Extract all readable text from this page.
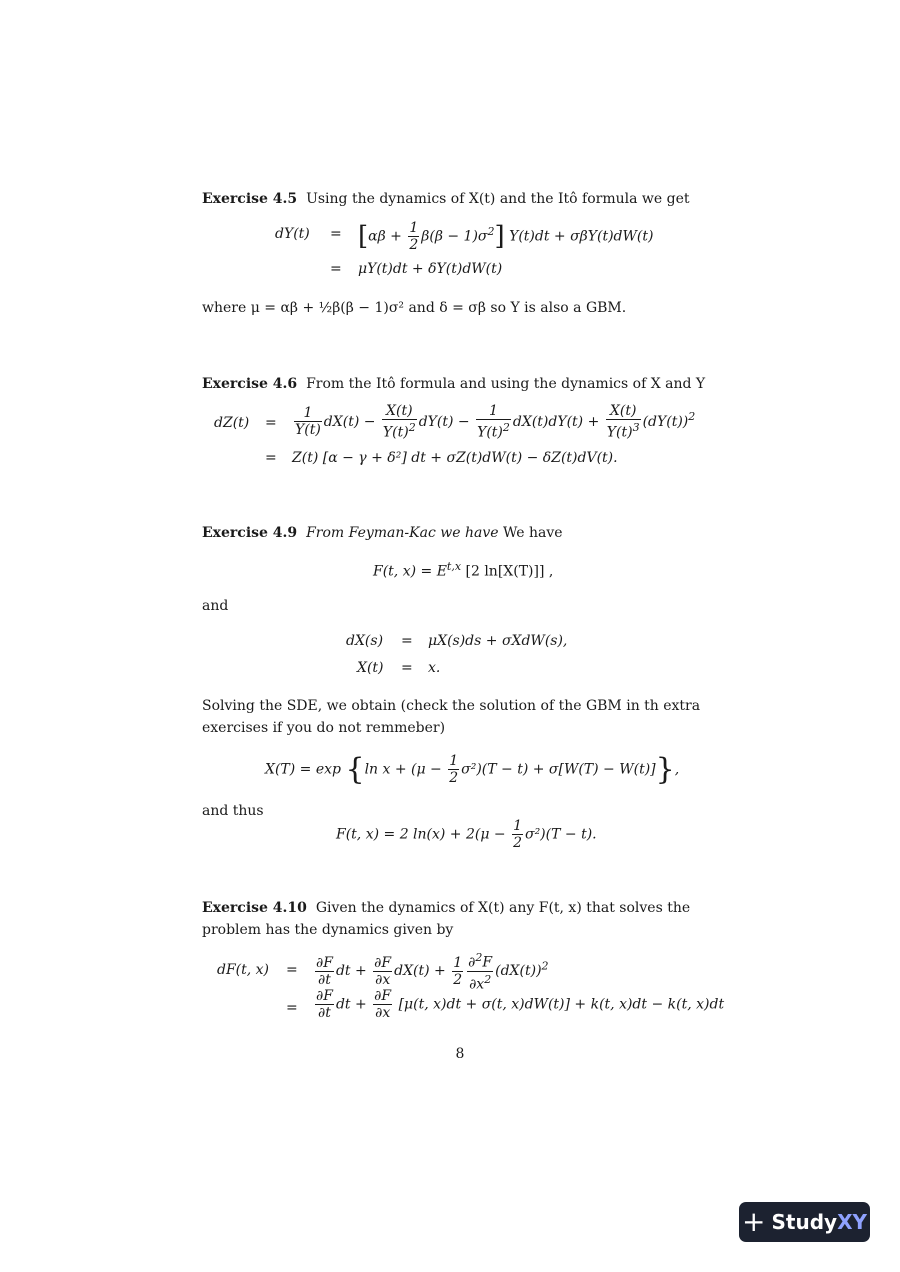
Exercise 4.5 Using the dynamics of X(t) and the Itô formula we get
$dY(t) = [\alpha\beta + \frac{1}{2} \beta(\beta - 1)\sigma^2]$ Y(t)dt + σβY(t)dW(t)
= μY(t)dt + δY(t)dW(t)
where μ = αβ + ½β(β − 1)σ² and δ = σβ so Y is also a GBM.
Exercise 4.6 From the Itô formula and using the dynamics of X and Y
$dZ(t) = \frac{1}{Y(t)} dX(t) - \frac{X(t)}{Y(t)^2} dY(t) - \frac{1}{Y(t)^2} dX(t)dY(t) + \frac{X(t)}{Y(t)^3} (dY(t))^2$
= Z(t) [α − γ + δ²] dt + σZ(t)dW(t) − δZ(t)dV(t).
Exercise 4.9 From Feyman-Kac we have We have
F(t, x) = E$^{t,x}$ [2 ln[X(T)]] ,
and
dX(s) = μX(s)ds + σXdW(s),
X(t) = x.
Solving the SDE, we obtain (check the solution of the GBM in th extra exercises if you do not remmeber)
X(T) = exp {ln $x + (\mu - \frac{1}{2} \sigma^2)(T - t) + \sigma[W(T) - W(t)]$},
and thus
F(t, x) = 2 $\ln(x) + 2(\mu - \frac{1}{2} \sigma^2)(T - t)$.
Exercise 4.10 Given the dynamics of X(t) any F(t, x) that solves the problem has the dynamics given by
dF(t, $x) = \frac{\partial F}{\partial t}$ dt + $\frac{\partial F}{\partial x} dX(t) + \frac{1}{2} \frac{\partial^2F}{\partial x^2} (dX(t))^2$
= $\frac{\partial F}{\partial t}$ dt + $\frac{\partial F}{\partial x} [\mu(t$, x)dt + σ(t, x)dW(t)] + k(t, x)dt − k(t, x)dt
8
+ StudyXY
